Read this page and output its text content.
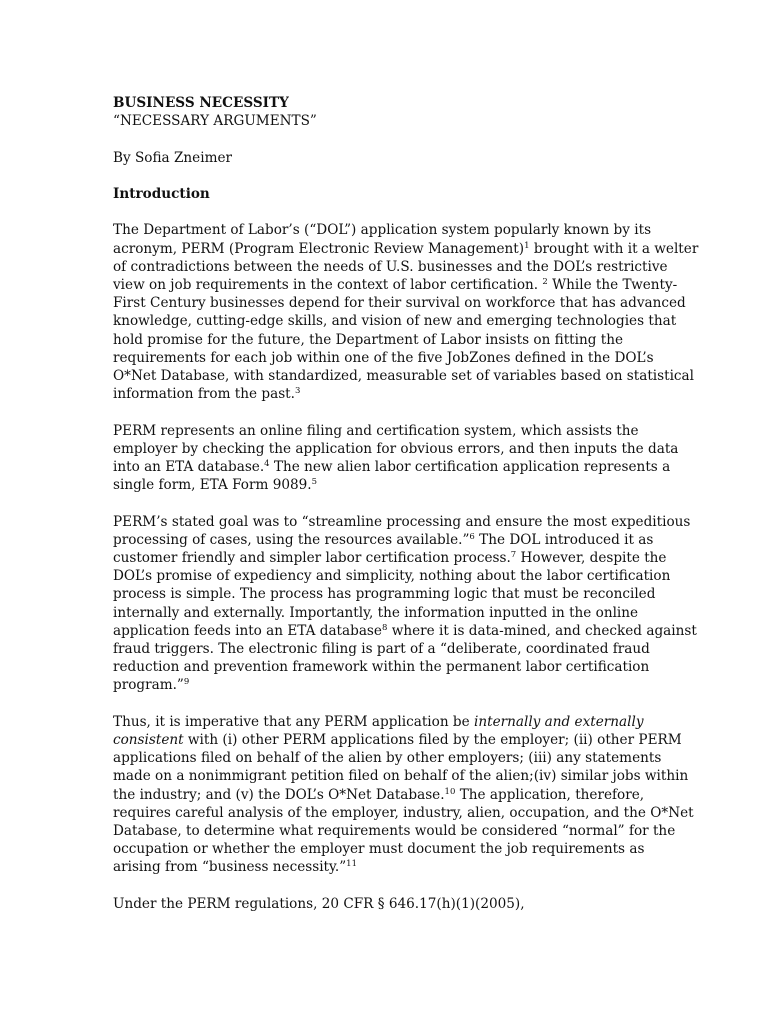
BUSINESS NECESSITY
“NECESSARY ARGUMENTS”
By Sofia Zneimer
Introduction
The Department of Labor’s (“DOL”) application system popularly known by its
acronym, PERM (Program Electronic Review Management)$^1$ brought with it a welter
of contradictions between the needs of U.S. businesses and the DOL’s restrictive
view on job requirements in the context of labor certification. $^2$ While the Twenty-
First Century businesses depend for their survival on workforce that has advanced
knowledge, cutting-edge skills, and vision of new and emerging technologies that
hold promise for the future, the Department of Labor insists on fitting the
requirements for each job within one of the five JobZones defined in the DOL’s
O*Net Database, with standardized, measurable set of variables based on statistical
information from the past.$^3$
PERM represents an online filing and certification system, which assists the
employer by checking the application for obvious errors, and then inputs the data
into an ETA database.$^4$ The new alien labor certification application represents a
single form, ETA Form 9089.$^5$
PERM’s stated goal was to “streamline processing and ensure the most expeditious
processing of cases, using the resources available.”$^6$ The DOL introduced it as
customer friendly and simpler labor certification process.$^7$ However, despite the
DOL’s promise of expediency and simplicity, nothing about the labor certification
process is simple. The process has programming logic that must be reconciled
internally and externally. Importantly, the information inputted in the online
application feeds into an ETA database$^8$ where it is data-mined, and checked against
fraud triggers. The electronic filing is part of a “deliberate, coordinated fraud
reduction and prevention framework within the permanent labor certification
program.”$^9$
Thus, it is imperative that any PERM application be internally and externally
consistent with (i) other PERM applications filed by the employer; (ii) other PERM
applications filed on behalf of the alien by other employers; (iii) any statements
made on a nonimmigrant petition filed on behalf of the alien;(iv) similar jobs within
the industry; and (v) the DOL’s O*Net Database.$^{10}$ The application, therefore,
requires careful analysis of the employer, industry, alien, occupation, and the O*Net
Database, to determine what requirements would be considered “normal” for the
occupation or whether the employer must document the job requirements as
arising from “business necessity.”$^{11}$
Under the PERM regulations, 20 CFR § 646.17(h)(1)(2005),
